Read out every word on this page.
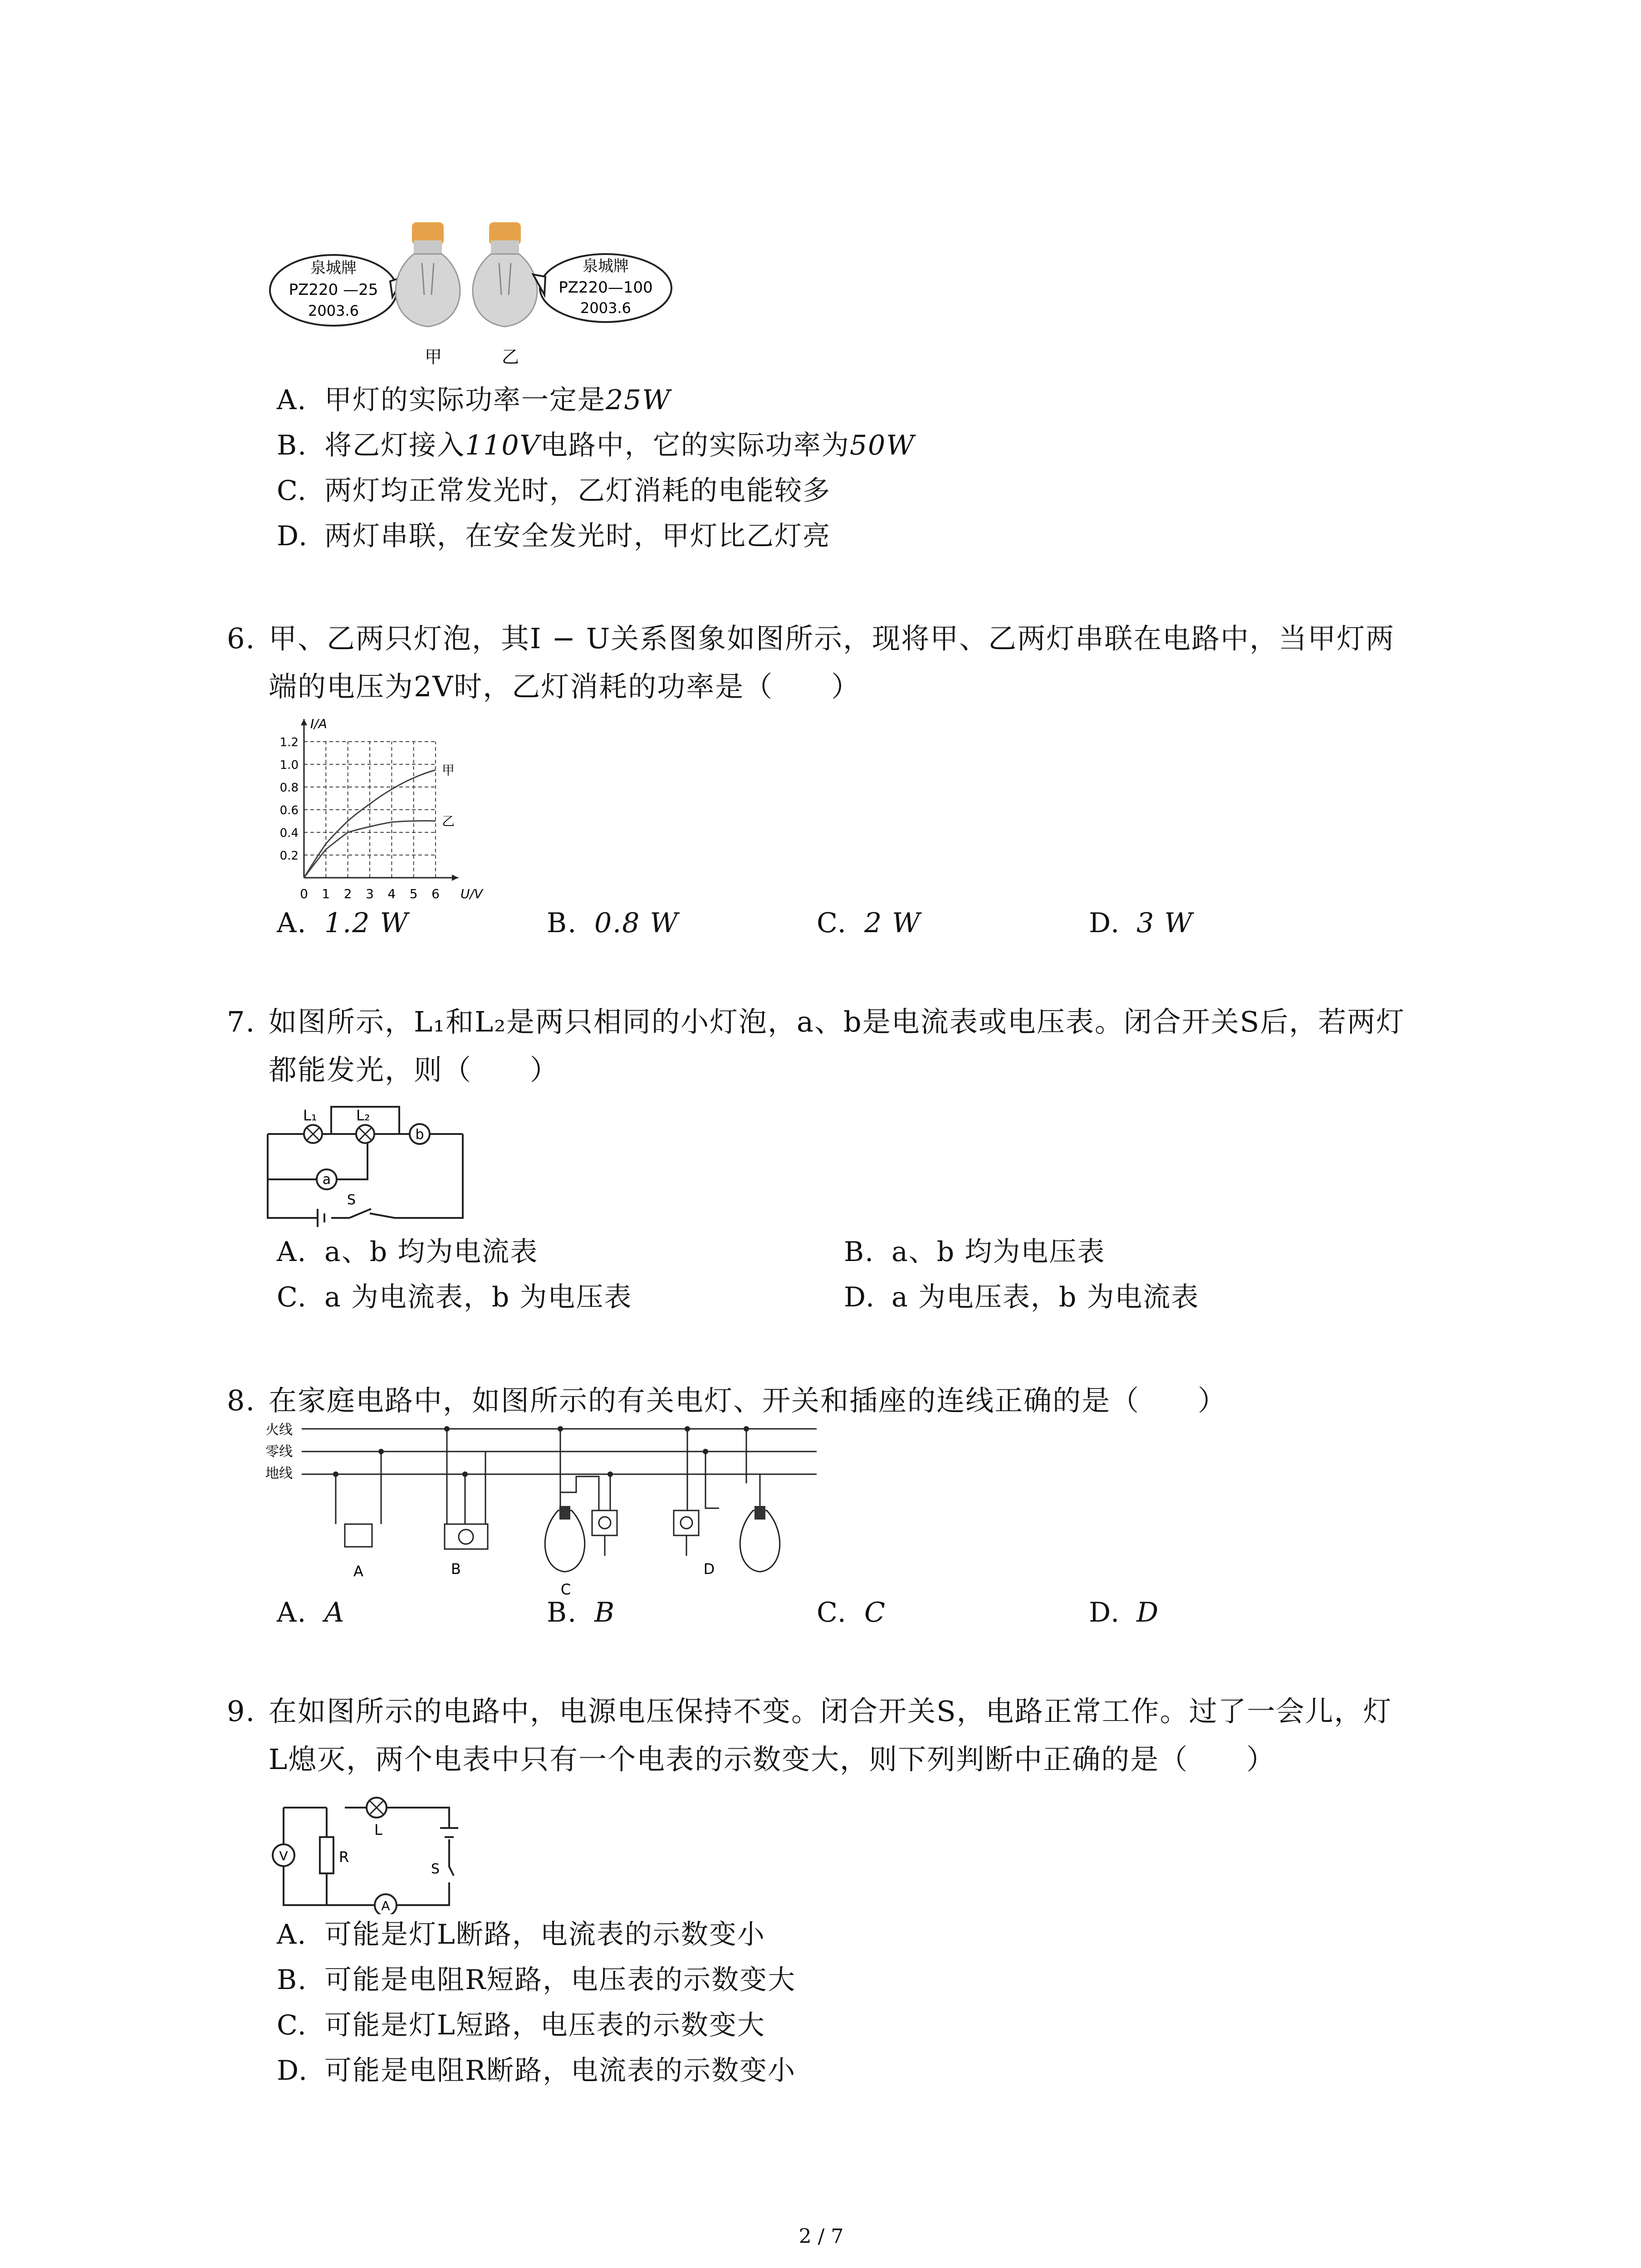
泉城牌
PZ220 —25
2003.6
泉城牌
PZ220—100
2003.6
甲	乙
A. 甲灯的实际功率一定是25W
B. 将乙灯接入110V电路中，它的实际功率为50W
C. 两灯均正常发光时，乙灯消耗的电能较多
D. 两灯串联，在安全发光时，甲灯比乙灯亮
6. 甲、乙两只灯泡，其I − U关系图象如图所示，现将甲、乙两灯串联在电路中，当甲灯两
端的电压为2V时，乙灯消耗的功率是（　　）
0 1 2 3 4 5 6
0.2
0.4
0.6
0.8
1.0
1.2
U/V
I/A
甲
乙
A. 1.2 W	B. 0.8 W	C. 2 W	D. 3 W
7. 如图所示，L₁和L₂是两只相同的小灯泡，a、b是电流表或电压表。闭合开关S后，若两灯
都能发光，则（　　）
L₁	L₂
b
a
S
A. a、b 均为电流表	B. a、b 均为电压表
C. a 为电流表，b 为电压表	D. a 为电压表，b 为电流表
8. 在家庭电路中，如图所示的有关电灯、开关和插座的连线正确的是（　　）
火线
零线
地线
A	B
C
D
A. A	B. B	C. C	D. D
9. 在如图所示的电路中，电源电压保持不变。闭合开关S，电路正常工作。过了一会儿，灯
L熄灭，两个电表中只有一个电表的示数变大，则下列判断中正确的是（　　）
V
L
R
S
A
A. 可能是灯L断路，电流表的示数变小
B. 可能是电阻R短路，电压表的示数变大
C. 可能是灯L短路，电压表的示数变大
D. 可能是电阻R断路，电流表的示数变小
2 / 7
